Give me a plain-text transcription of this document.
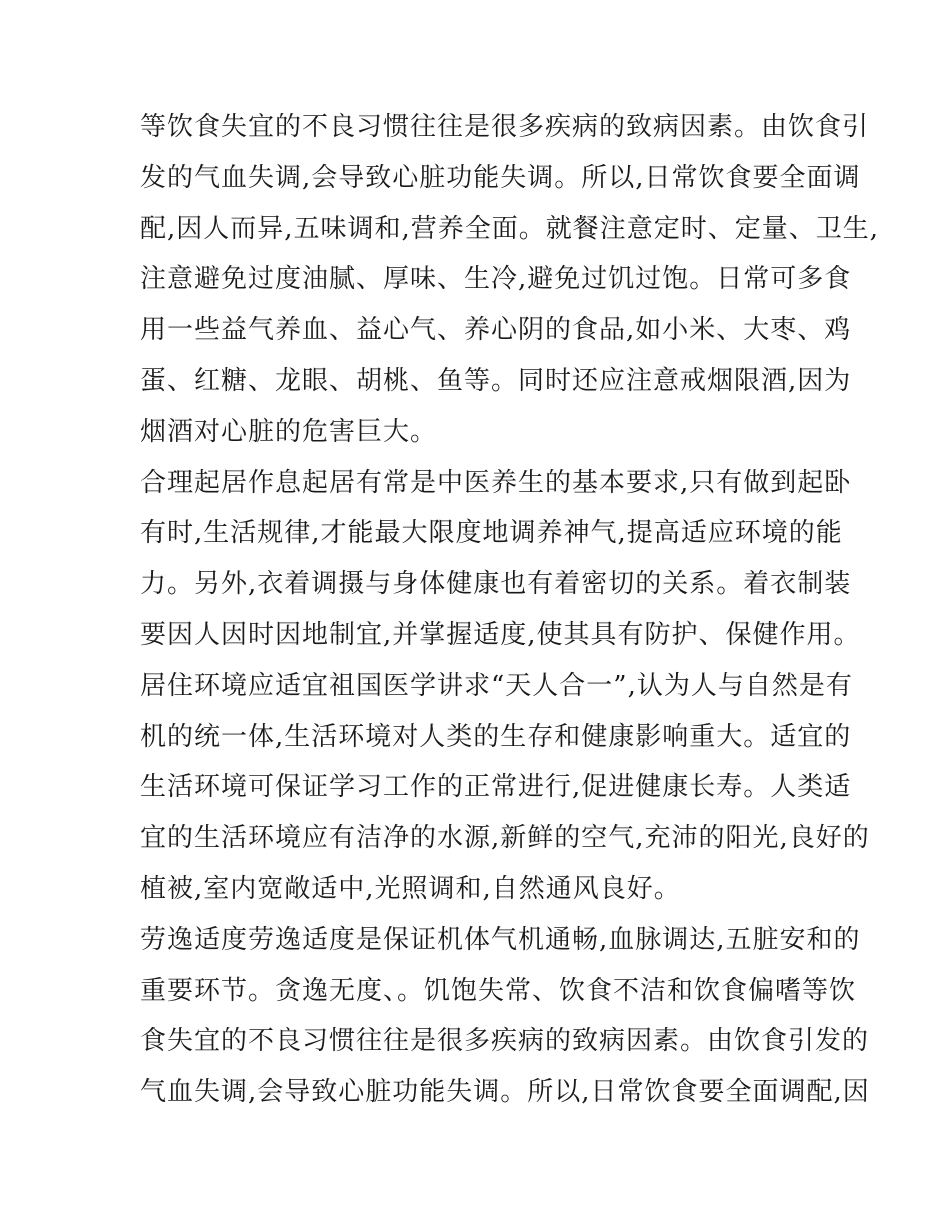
等饮食失宜的不良习惯往往是很多疾病的致病因素。由饮食引
发的气血失调,会导致心脏功能失调。所以,日常饮食要全面调
配,因人而异,五味调和,营养全面。就餐注意定时、定量、卫生,
注意避免过度油腻、厚味、生冷,避免过饥过饱。日常可多食
用一些益气养血、益心气、养心阴的食品,如小米、大枣、鸡
蛋、红糖、龙眼、胡桃、鱼等。同时还应注意戒烟限酒,因为
烟酒对心脏的危害巨大。
合理起居作息起居有常是中医养生的基本要求,只有做到起卧
有时,生活规律,才能最大限度地调养神气,提高适应环境的能
力。另外,衣着调摄与身体健康也有着密切的关系。着衣制装
要因人因时因地制宜,并掌握适度,使其具有防护、保健作用。
居住环境应适宜祖国医学讲求“天人合一”,认为人与自然是有
机的统一体,生活环境对人类的生存和健康影响重大。适宜的
生活环境可保证学习工作的正常进行,促进健康长寿。人类适
宜的生活环境应有洁净的水源,新鲜的空气,充沛的阳光,良好的
植被,室内宽敞适中,光照调和,自然通风良好。
劳逸适度劳逸适度是保证机体气机通畅,血脉调达,五脏安和的
重要环节。贪逸无度、。饥饱失常、饮食不洁和饮食偏嗜等饮
食失宜的不良习惯往往是很多疾病的致病因素。由饮食引发的
气血失调,会导致心脏功能失调。所以,日常饮食要全面调配,因
